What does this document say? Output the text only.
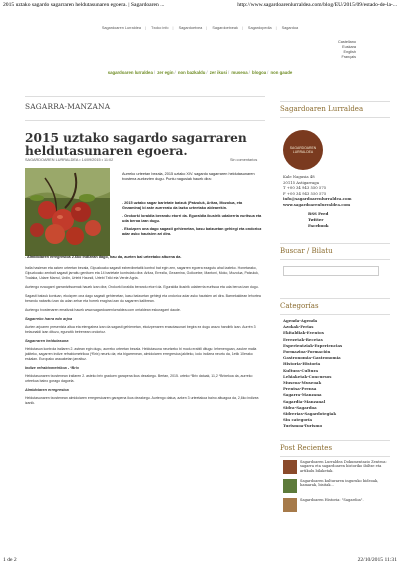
2015 uztako sagardo sagarraren heldutasunaren egoera. | Sagardoaren ...	http://www.sagardoarenlurraldea.com/blog/EU/2015/09/estado-de-la-...
Sagardoaren Lurraldea | Txoko info | Sagardoetxea | Sagardoetxeak | Sagardopedia | Sagardoa
Castellano
Euskara
English
Français
sagardoaren lurraldea/ zer egin/ non bazkaldu/ zer ikusi/ museoa/ blogoa/ non gaude
SAGARRA-MANZANA
2015 uztako sagardo sagarraren heldutasunaren egoera.
SAGARDOAREN LURRALDEA • 14/09/2015 • 11:02	Sin comentarios
Aurreko urteetan bezala, 2015 uztako XIV. sagardo sagarraren heldutasunaren txostena aurkezten dugu. Puntu nagusiak hauek dira:
. 2015 uztako sagar barietate batzuk (Patzuluk, Aritza, Mozolua, eta Gezamina) bi aste aurreratu da lazko urteetako aldearekin.
. Orokorki loraldia berandu etorri da. Eguraldia ikusirik udaberria euritsua eta uda beroa izan dugu.
. Ekoizpen ona dago sagasti gehienetan, kasu batzuetan gehiegi eta ondorioz adar asko hautsien ari dira.
. Almidoiaren erregresioa 2.6ko indizean dago, hau da, aurten bai urteetako altuena da.

Iraila hasieran eta azken urteetan bezala, Gipuzkoako sagasti ezberdinetatik kontrol bat egin zen, sagarren egoera ezagutu ahal izateko. Honetarako, Gipuzkoako zenbait sagasti jarraitu genituen eta 14 barietate kontrolatu dira: Aritza, Errezila, Gezamina, Goikoetxe, Mantoni, Moko, Mozolua, Patzuluk, Txalaka, Udare Marrui, Urdin, Urtebi Haundi, Urtebi Txiki eta Verde Agria.

Aurtengo ezaugarri garrantzitsuenak hauek izan dira; Orokorki loraldia berandu etorri da. Eguraldia ikusirik udaberria euritsua eta uda beroa izan dugu.

Sagasti batzuk kontuan, ekoizpen ona dago sagasti gehienetan, kasu batzuetan gehiegi eta ondorioz adar asko hautsien ari dira. Barnekaldean lehortea berandu nabaritu izan da udan zehar eta horrek eragina izan du sagarren kalibrean.

Aurtengo txostenaren emaitzak hauek www.sagardoarenlurraldea.com orrialdean eskuragarri daude.

Sagarreko harra edo arjoa

Aurten arjoaren presentzia altua eta etengabea izan da sagasti gehienetan, ekoizpenaren erasotasunari begira ez dugu arazo handirik izan. Aurrén 3 belaunaldi izan dituzu, egunotik betrenean ondorioz.

Sagarraren heldutasuna

Heldutasun kontrola irailaren 2. astean egin dugu, aurreko urteetan bezala. Heldutasuna neurtzeko bi modu erabili ditugu: lehenengoan, azukre maila jakiteko, sagarren indize refraktometrikoa (ºBrix) neurtu da; eta bigarrenean, almidoiaren erregresioa jakiteko, iodo indizea neurtu da, 1etik 10erako eskalan. Europako arauaketan jarraituz.

Indize refraktometrikoa - ºBrix

Heldutasunaren txostenean irailaren 2. asteko brix graduen garapena ikus dezakegu. Bertan, 2015. urteko ºBrix datuak, 11,2 ºBrixekoa da, aurreko urteekoa baino gorago dagoela.

Almidoiaren erregresioa

Heldutasunaren txostenean almidoiaren erregresioaren garapena ikus dezakegu. Aurtengo datua, azken 3 urteetakoa baino altuagoa da, 2,6ko indizea izanik.

Sagardoaren Lurraldea
SAGARDOAREN LURRALDEA
Kale Nagusia 48
20115 Astigarraga
T +00 34 943 550 575
F +00 34 943 550 575
info@sagardoarenlurraldea.com
www.sagardoarenlurraldea.com
RSS Feed
Twitter
Facebook
Buscar / Bilatu
Categorías
Agenda-Agenda
Azokak-Ferias
Ekitaldiak-Eventos
Errezetak-Recetas
Esperientziak-Experiencias
Formazioa-Formación
Gastronomia-Gastronomía
Historia-Historia
Kultura-Cultura
Lehiaketak-Concursos
Museoa-Museoak
Prentsa-Prensa
Sagarra-Manzana
Sagardia-Manzanal
Sidra-Sagardoa
Sidrerías-Sagardotegiak
Sin categoría
Turismoa-Turismo
Post Recientes
Sagardoaren Lurraldea Dokumentazio Zentroa: sagarra eta sagardoaren historiko ibiltze eta artikulu bilaketak.
Sagardoaren kulturaren inguruko bideoak, hamarak, bisitak...
Sagardoaren Historia: "Sagardoa".
1 de 2	22/10/2015 11:31
